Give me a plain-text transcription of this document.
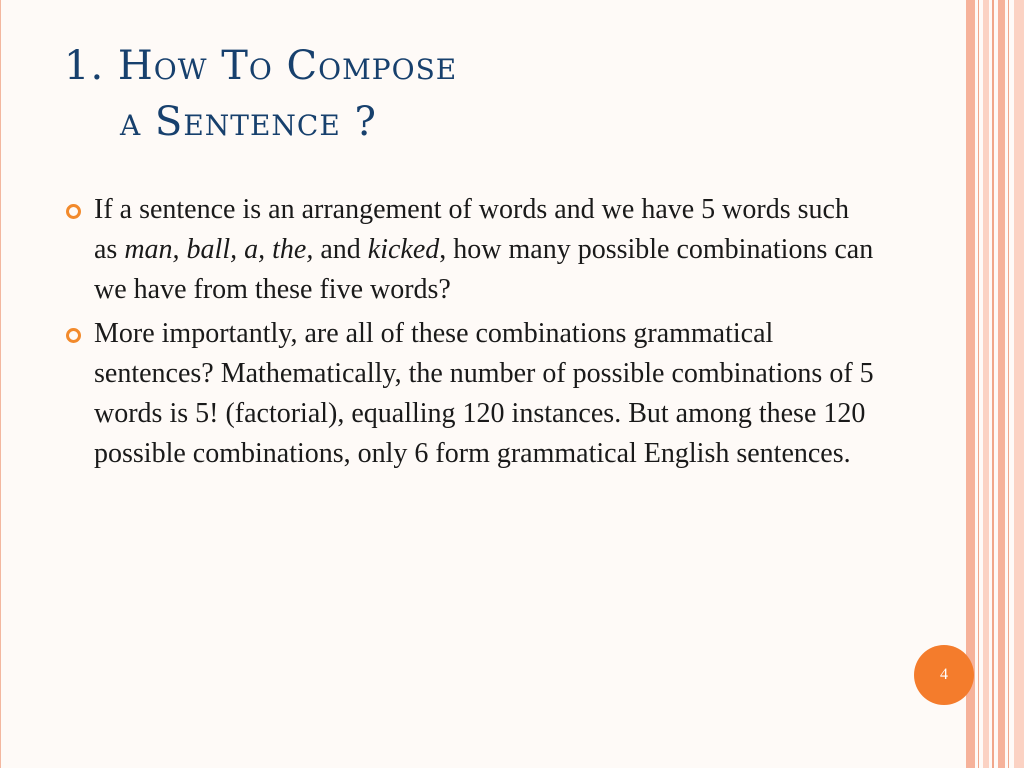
1. How To Compose
a Sentence ?
If a sentence is an arrangement of words and we have 5 words such as man, ball, a, the, and kicked, how many possible combinations can we have from these five words?
More importantly, are all of these combinations grammatical sentences? Mathematically, the number of possible combinations of 5 words is 5! (factorial), equalling 120 instances. But among these 120 possible combinations, only 6 form grammatical English sentences.
4
